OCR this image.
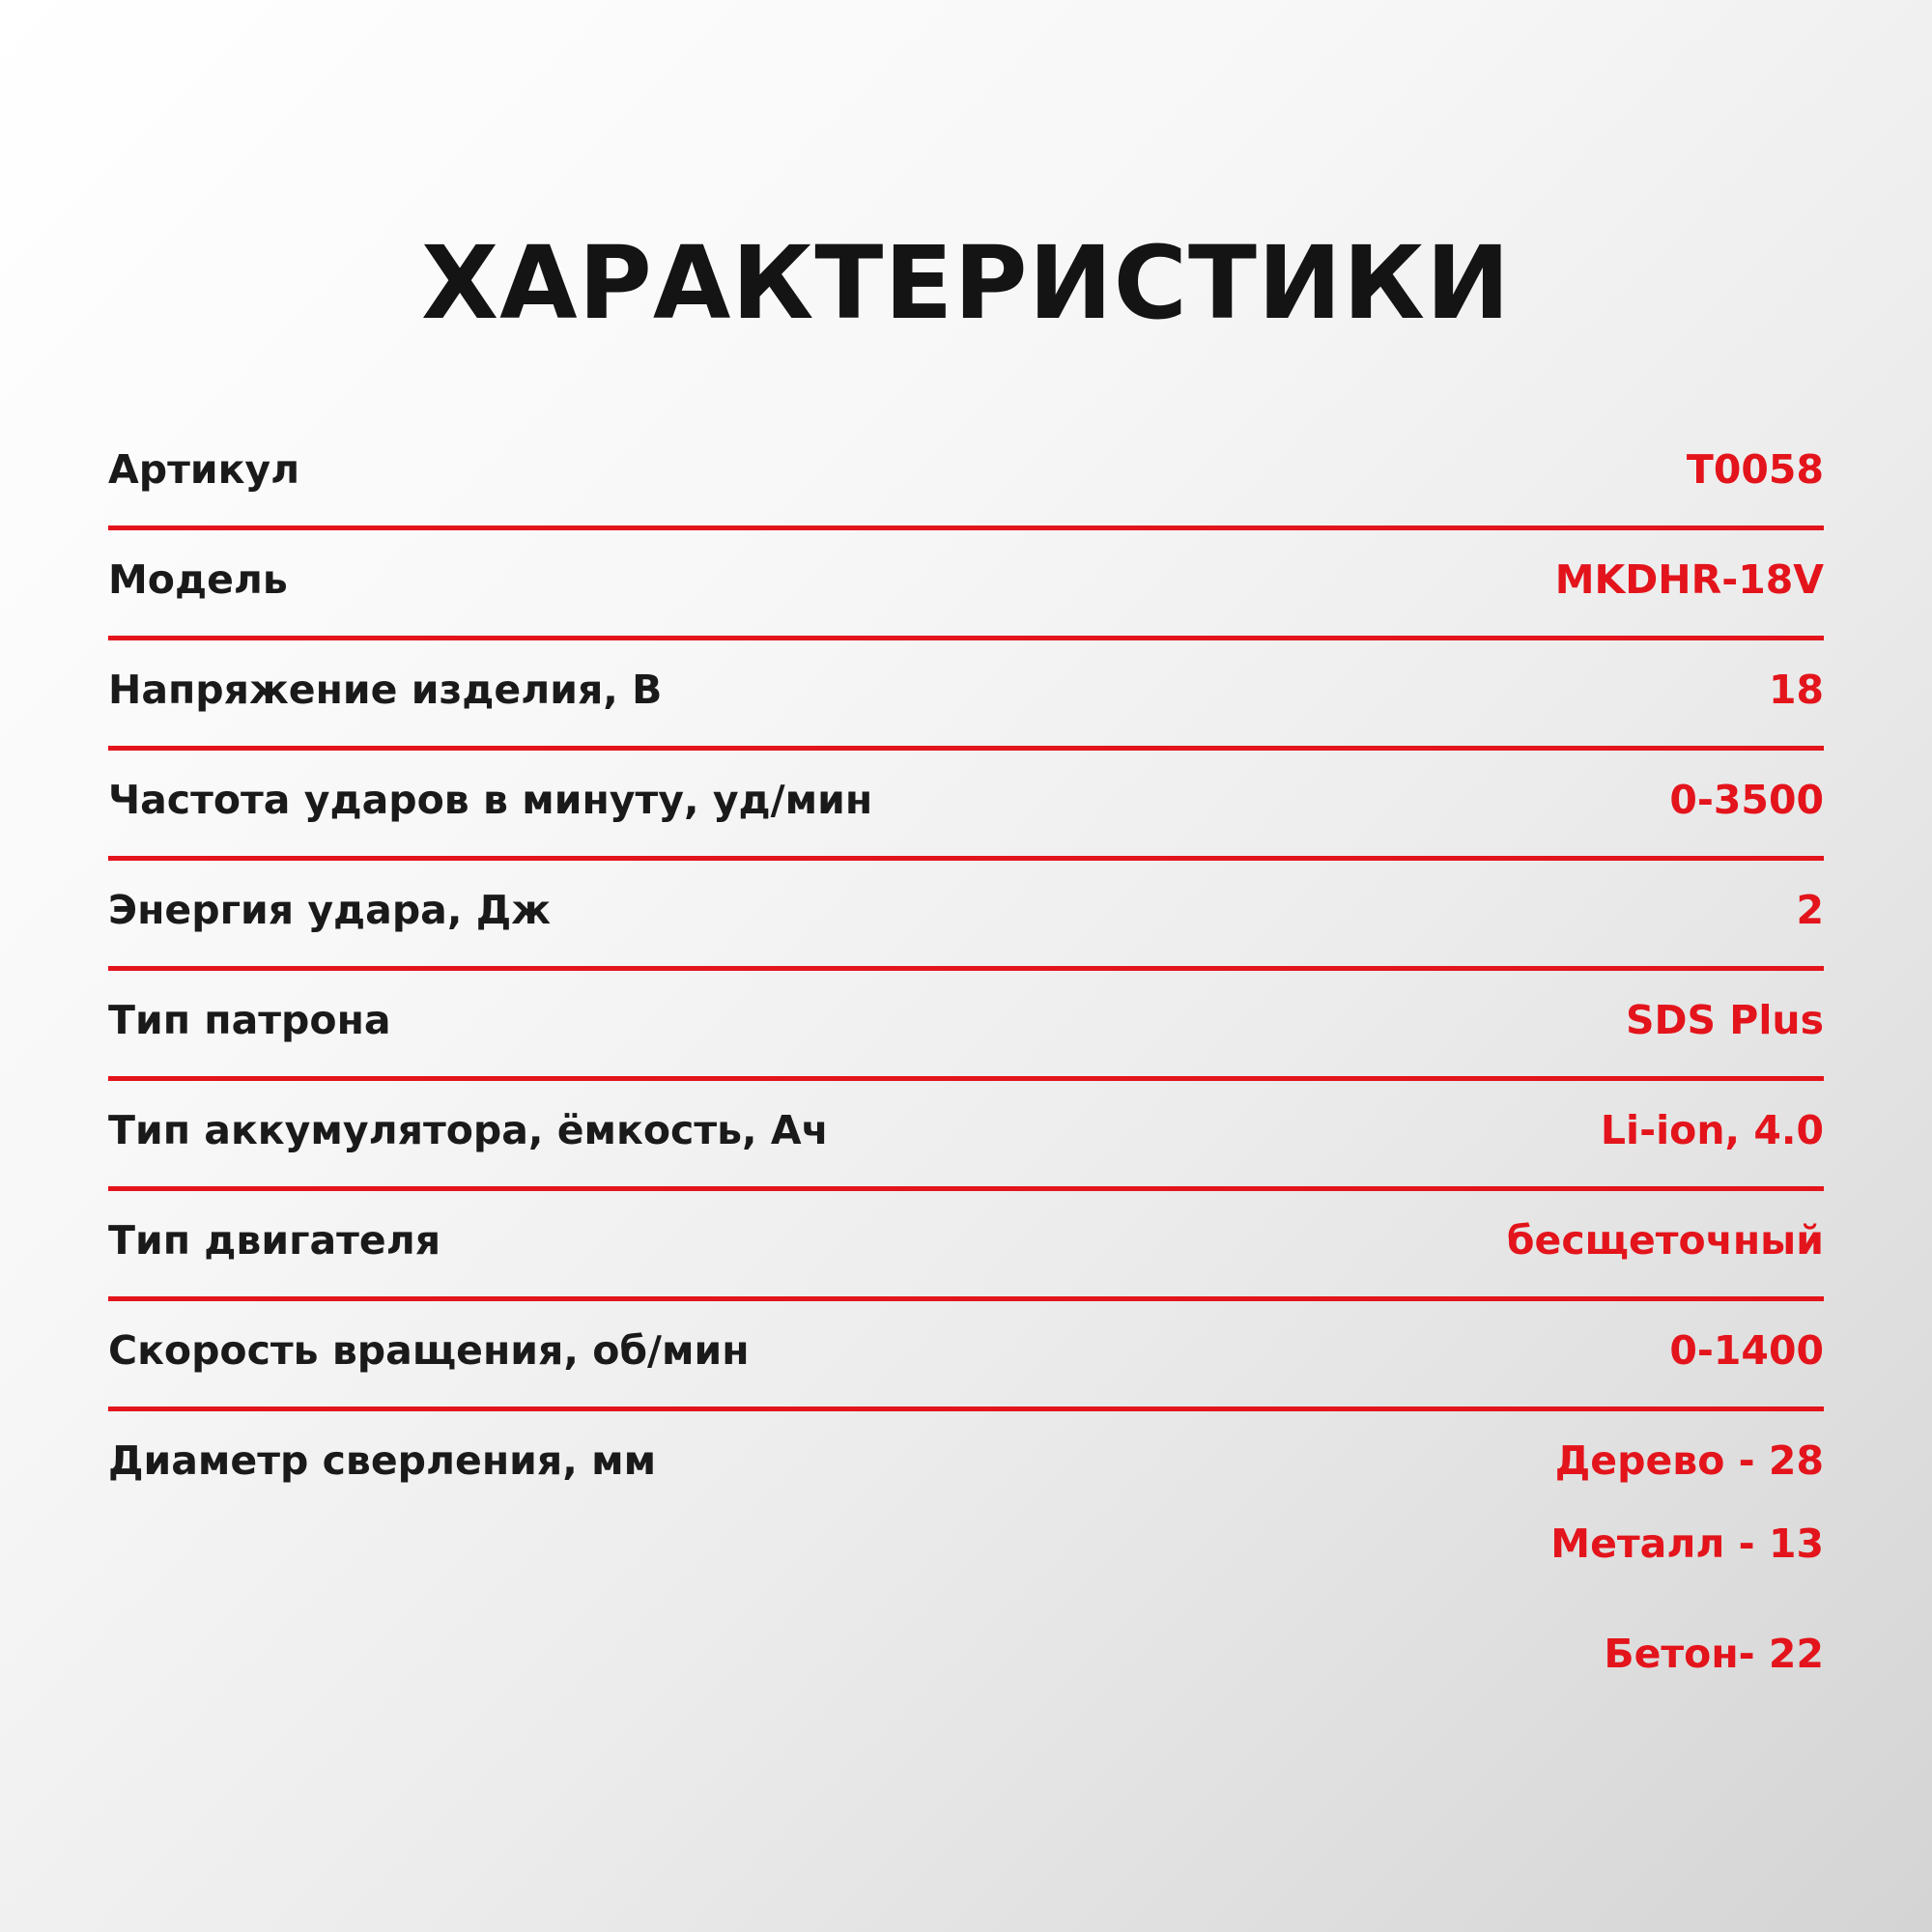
ХАРАКТЕРИСТИКИ
Артикул	T0058
Модель	MKDHR-18V
Напряжение изделия, В	18
Частота ударов в минуту, уд/мин	0-3500
Энергия удара, Дж	2
Тип патрона	SDS Plus
Тип аккумулятора, ёмкость, Ач	Li-ion, 4.0
Тип двигателя	бесщеточный
Скорость вращения, об/мин	0-1400
Диаметр сверления, мм	Дерево - 28
Металл - 13
Бетон- 22
